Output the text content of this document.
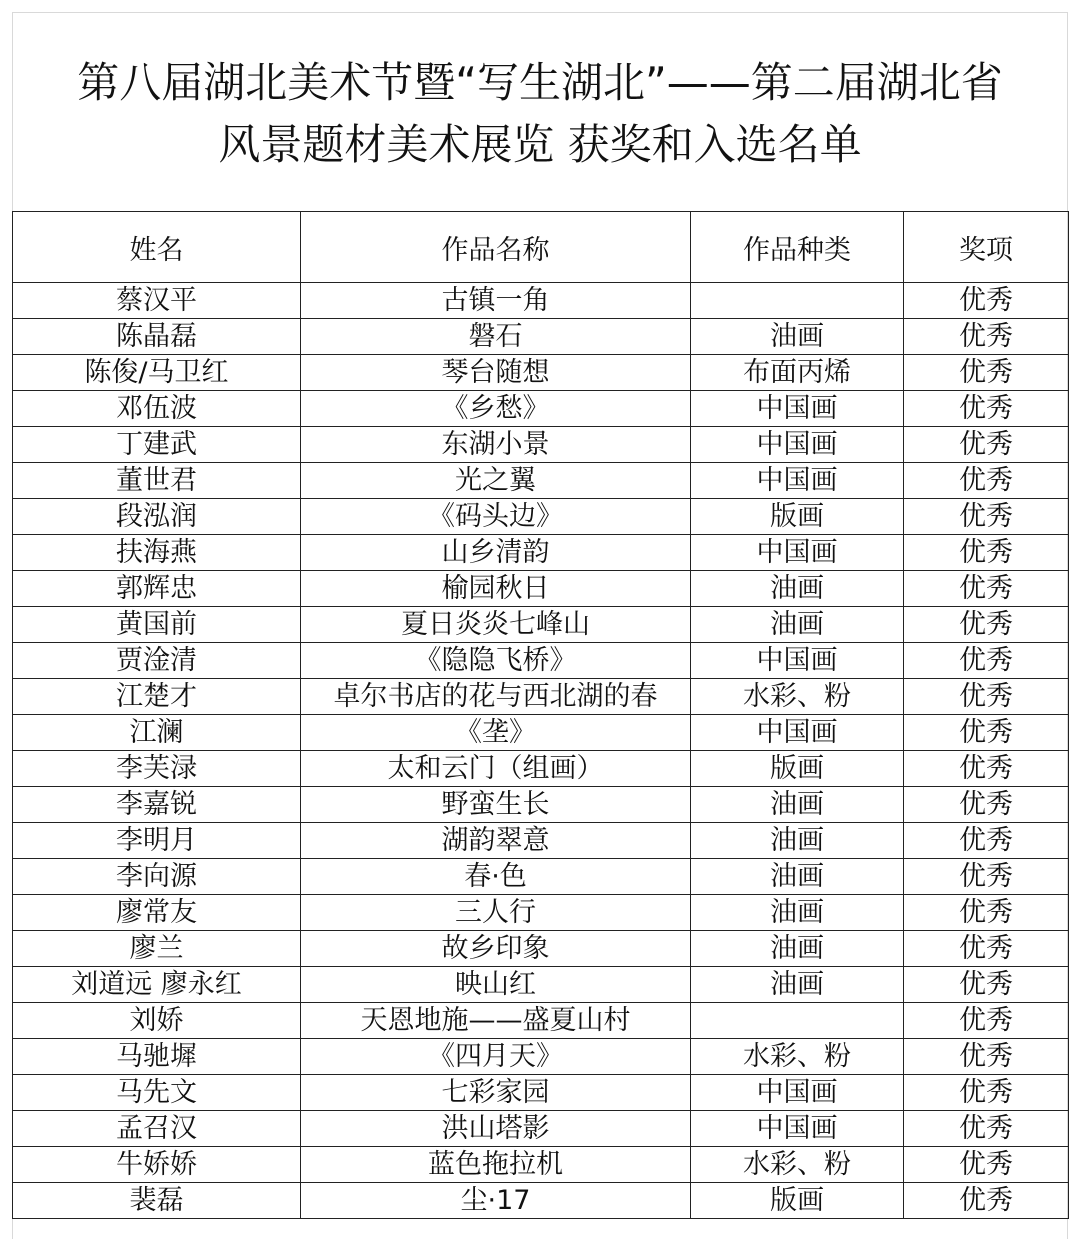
第八届湖北美术节暨“写生湖北”——第二届湖北省
风景题材美术展览 获奖和入选名单
姓名	作品名称	作品种类	奖项
蔡汉平	古镇一角		优秀
陈晶磊	磐石	油画	优秀
陈俊/马卫红	琴台随想	布面丙烯	优秀
邓伍波	《乡愁》	中国画	优秀
丁建武	东湖小景	中国画	优秀
董世君	光之翼	中国画	优秀
段泓润	《码头边》	版画	优秀
扶海燕	山乡清韵	中国画	优秀
郭辉忠	榆园秋日	油画	优秀
黄国前	夏日炎炎七峰山	油画	优秀
贾淦清	《隐隐飞桥》	中国画	优秀
江楚才	卓尔书店的花与西北湖的春	水彩、粉	优秀
江澜	《垄》	中国画	优秀
李芙渌	太和云门（组画）	版画	优秀
李嘉锐	野蛮生长	油画	优秀
李明月	湖韵翠意	油画	优秀
李向源	春·色	油画	优秀
廖常友	三人行	油画	优秀
廖兰	故乡印象	油画	优秀
刘道远 廖永红	映山红	油画	优秀
刘娇	天恩地施——盛夏山村		优秀
马驰墀	《四月天》	水彩、粉	优秀
马先文	七彩家园	中国画	优秀
孟召汉	洪山塔影	中国画	优秀
牛娇娇	蓝色拖拉机	水彩、粉	优秀
裴磊	尘·17	版画	优秀
